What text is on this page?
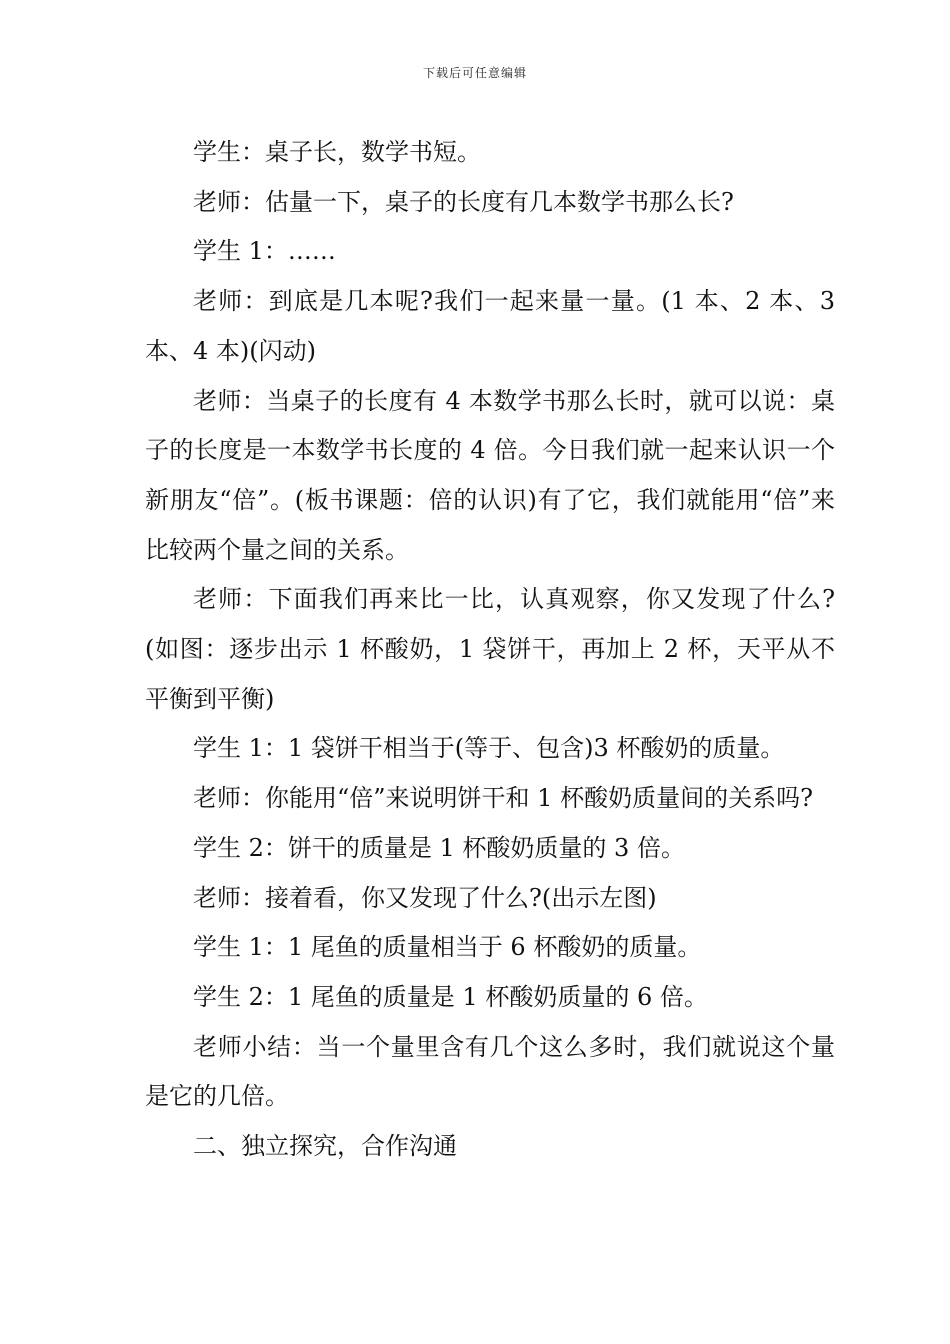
下载后可任意编辑

学生：桌子长，数学书短。

老师：估量一下，桌子的长度有几本数学书那么长?

学生 1：……

老师：到底是几本呢?我们一起来量一量。(1 本、2 本、3 本、4 本)(闪动)

老师：当桌子的长度有 4 本数学书那么长时，就可以说：桌子的长度是一本数学书长度的 4 倍。今日我们就一起来认识一个新朋友“倍”。(板书课题：倍的认识)有了它，我们就能用“倍”来比较两个量之间的关系。

老师：下面我们再来比一比，认真观察，你又发现了什么?(如图：逐步出示 1 杯酸奶，1 袋饼干，再加上 2 杯，天平从不平衡到平衡)

学生 1：1 袋饼干相当于(等于、包含)3 杯酸奶的质量。

老师：你能用“倍”来说明饼干和 1 杯酸奶质量间的关系吗?

学生 2：饼干的质量是 1 杯酸奶质量的 3 倍。

老师：接着看，你又发现了什么?(出示左图)

学生 1：1 尾鱼的质量相当于 6 杯酸奶的质量。

学生 2：1 尾鱼的质量是 1 杯酸奶质量的 6 倍。

老师小结：当一个量里含有几个这么多时，我们就说这个量是它的几倍。

二、独立探究，合作沟通
